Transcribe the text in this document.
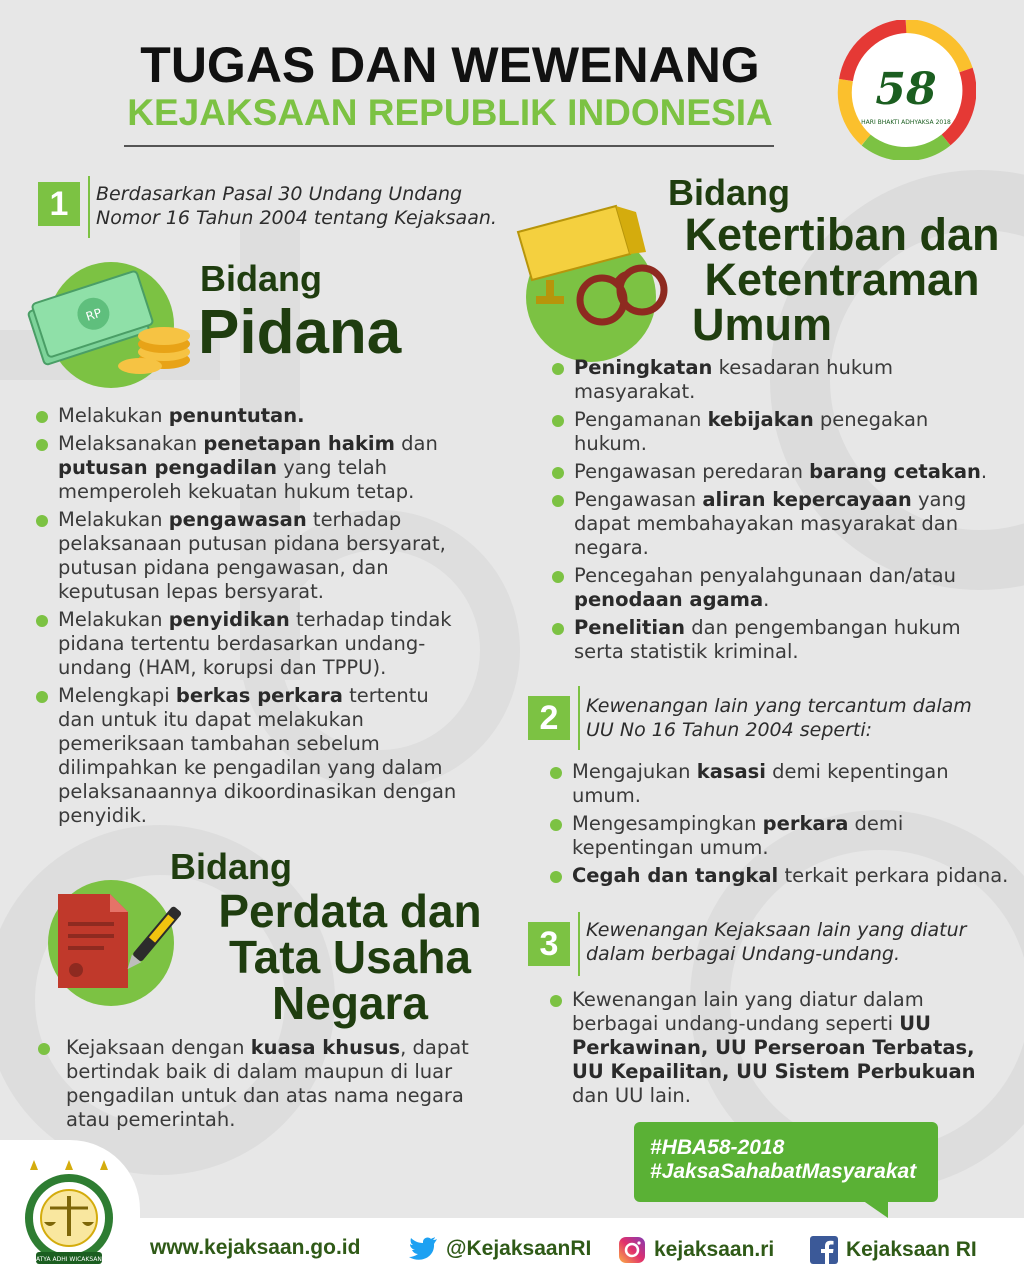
TUGAS DAN WEWENANG
KEJAKSAAN REPUBLIK INDONESIA	58
HARI BHAKTI ADHYAKSA 2018
1	Berdasarkan Pasal 30 Undang Undang
Nomor 16 Tahun 2004 tentang Kejaksaan.
RP
Bidang
Pidana
Melakukan penuntutan.
Melaksanakan penetapan hakim dan putusan pengadilan yang telah memperoleh kekuatan hukum tetap.
Melakukan pengawasan terhadap pelaksanaan putusan pidana bersyarat, putusan pidana pengawasan, dan keputusan lepas bersyarat.
Melakukan penyidikan terhadap tindak pidana tertentu berdasarkan undang-undang (HAM, korupsi dan TPPU).
Melengkapi berkas perkara tertentu dan untuk itu dapat melakukan pemeriksaan tambahan sebelum dilimpahkan ke pengadilan yang dalam pelaksanaannya dikoordinasikan dengan penyidik.
Bidang
Perdata dan
Tata Usaha
Negara
Kejaksaan dengan kuasa khusus, dapat bertindak baik di dalam maupun di luar pengadilan untuk dan atas nama negara atau pemerintah.
Bidang
Ketertiban dan
Ketentraman
Umum
Peningkatan kesadaran hukum masyarakat.
Pengamanan kebijakan penegakan hukum.
Pengawasan peredaran barang cetakan.
Pengawasan aliran kepercayaan yang dapat membahayakan masyarakat dan negara.
Pencegahan penyalahgunaan dan/atau penodaan agama.
Penelitian dan pengembangan hukum serta statistik kriminal.
2	Kewenangan lain yang tercantum dalam
UU No 16 Tahun 2004 seperti:
Mengajukan kasasi demi kepentingan umum.
Mengesampingkan perkara demi kepentingan umum.
Cegah dan tangkal terkait perkara pidana.
3	Kewenangan Kejaksaan lain yang diatur
dalam berbagai Undang-undang.
Kewenangan lain yang diatur dalam berbagai undang-undang seperti UU Perkawinan, UU Perseroan Terbatas, UU Kepailitan, UU Sistem Perbukuan dan UU lain.
#HBA58-2018
#JaksaSahabatMasyarakat
SATYA ADHI WICAKSANA
www.kejaksaan.go.id	@KejaksaanRI	kejaksaan.ri	Kejaksaan RI
